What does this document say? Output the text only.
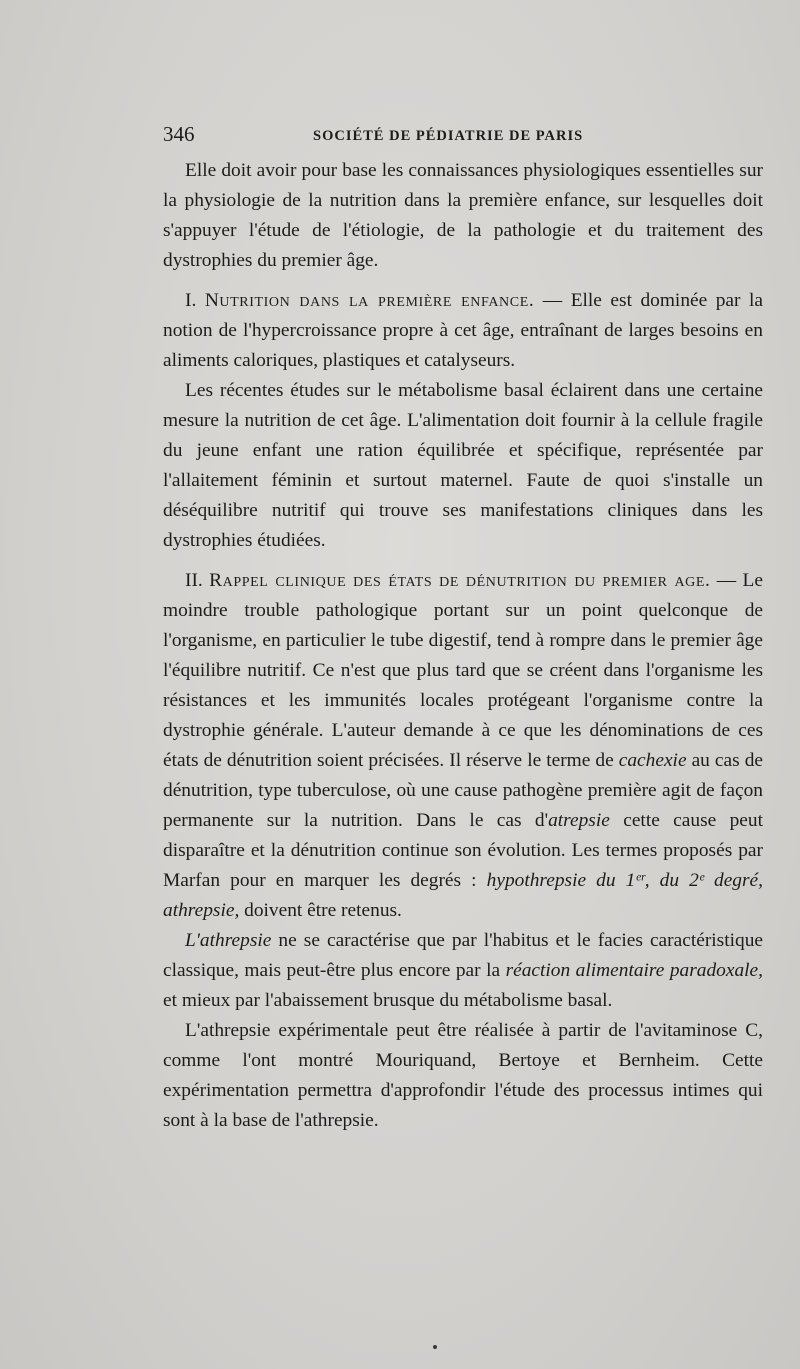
346	SOCIÉTÉ DE PÉDIATRIE DE PARIS

Elle doit avoir pour base les connaissances physiologiques essentielles sur la physiologie de la nutrition dans la première enfance, sur lesquelles doit s'appuyer l'étude de l'étiologie, de la pathologie et du traitement des dystrophies du premier âge.

I. Nutrition dans la première enfance. — Elle est dominée par la notion de l'hypercroissance propre à cet âge, entraînant de larges besoins en aliments caloriques, plastiques et catalyseurs.

Les récentes études sur le métabolisme basal éclairent dans une certaine mesure la nutrition de cet âge. L'alimentation doit fournir à la cellule fragile du jeune enfant une ration équilibrée et spécifique, représentée par l'allaitement féminin et surtout maternel. Faute de quoi s'installe un déséquilibre nutritif qui trouve ses manifestations cliniques dans les dystrophies étudiées.

II. Rappel clinique des états de dénutrition du premier age. — Le moindre trouble pathologique portant sur un point quelconque de l'organisme, en particulier le tube digestif, tend à rompre dans le premier âge l'équilibre nutritif. Ce n'est que plus tard que se créent dans l'organisme les résistances et les immunités locales protégeant l'organisme contre la dystrophie générale. L'auteur demande à ce que les dénominations de ces états de dénutrition soient précisées. Il réserve le terme de cachexie au cas de dénutrition, type tuberculose, où une cause pathogène première agit de façon permanente sur la nutrition. Dans le cas d'atrepsie cette cause peut disparaître et la dénutrition continue son évolution. Les termes proposés par Marfan pour en marquer les degrés : hypothrepsie du 1ᵉʳ, du 2ᵉ degré, athrepsie, doivent être retenus.

L'athrepsie ne se caractérise que par l'habitus et le facies caractéristique classique, mais peut-être plus encore par la réaction alimentaire paradoxale, et mieux par l'abaissement brusque du métabolisme basal.

L'athrepsie expérimentale peut être réalisée à partir de l'avitaminose C, comme l'ont montré Mouriquand, Bertoye et Bernheim. Cette expérimentation permettra d'approfondir l'étude des processus intimes qui sont à la base de l'athrepsie.
